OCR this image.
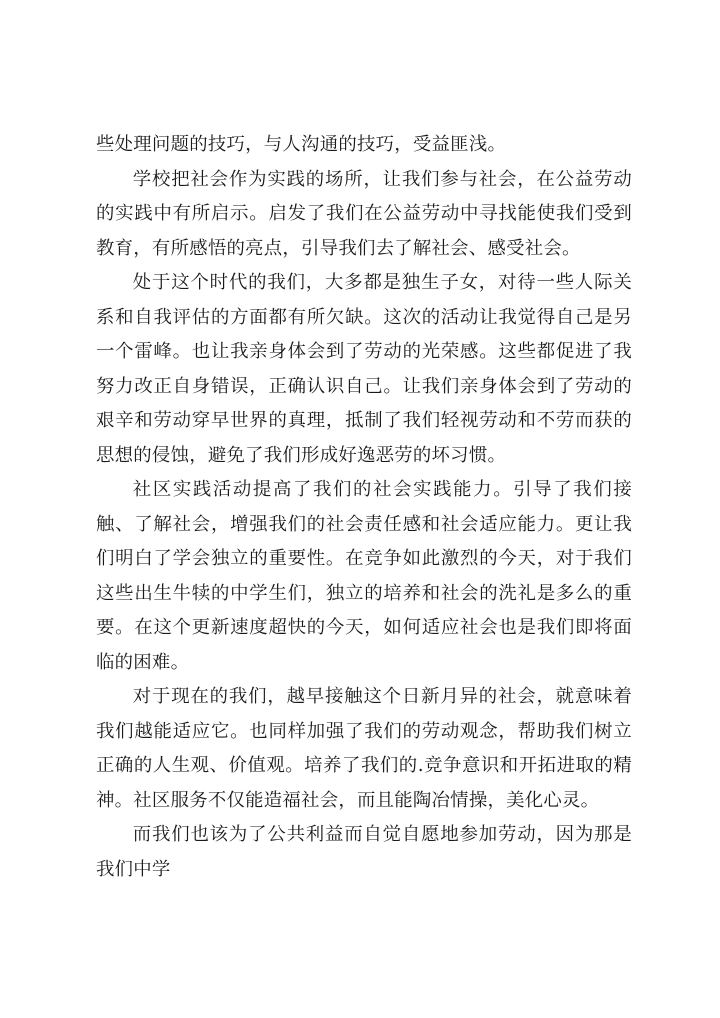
些处理问题的技巧，与人沟通的技巧，受益匪浅。

学校把社会作为实践的场所，让我们参与社会，在公益劳动的实践中有所启示。启发了我们在公益劳动中寻找能使我们受到教育，有所感悟的亮点，引导我们去了解社会、感受社会。

处于这个时代的我们，大多都是独生子女，对待一些人际关系和自我评估的方面都有所欠缺。这次的活动让我觉得自己是另一个雷峰。也让我亲身体会到了劳动的光荣感。这些都促进了我努力改正自身错误，正确认识自己。让我们亲身体会到了劳动的艰辛和劳动穿早世界的真理，抵制了我们轻视劳动和不劳而获的思想的侵蚀，避免了我们形成好逸恶劳的坏习惯。

社区实践活动提高了我们的社会实践能力。引导了我们接触、了解社会，增强我们的社会责任感和社会适应能力。更让我们明白了学会独立的重要性。在竞争如此激烈的今天，对于我们这些出生牛犊的中学生们，独立的培养和社会的洗礼是多么的重要。在这个更新速度超快的今天，如何适应社会也是我们即将面临的困难。

对于现在的我们，越早接触这个日新月异的社会，就意味着我们越能适应它。也同样加强了我们的劳动观念，帮助我们树立正确的人生观、价值观。培养了我们的.竞争意识和开拓进取的精神。社区服务不仅能造福社会，而且能陶冶情操，美化心灵。

而我们也该为了公共利益而自觉自愿地参加劳动，因为那是我们中学
